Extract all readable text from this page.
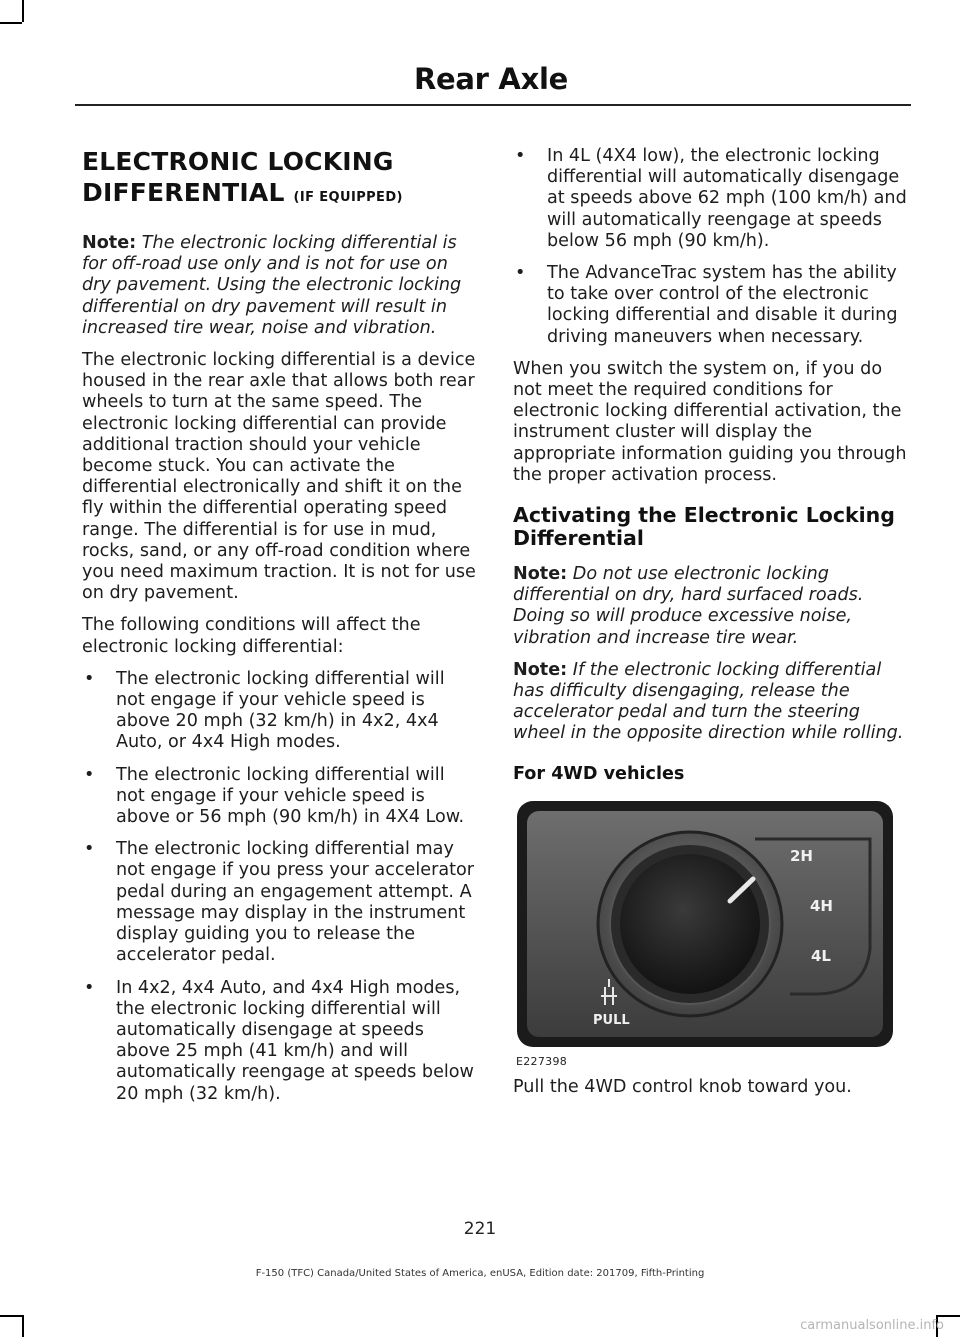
Rear Axle
ELECTRONIC LOCKING DIFFERENTIAL (IF EQUIPPED)

Note: The electronic locking differential is for off-road use only and is not for use on dry pavement. Using the electronic locking differential on dry pavement will result in increased tire wear, noise and vibration.

The electronic locking differential is a device housed in the rear axle that allows both rear wheels to turn at the same speed. The electronic locking differential can provide additional traction should your vehicle become stuck. You can activate the differential electronically and shift it on the fly within the differential operating speed range. The differential is for use in mud, rocks, sand, or any off-road condition where you need maximum traction. It is not for use on dry pavement.

The following conditions will affect the electronic locking differential:

• The electronic locking differential will not engage if your vehicle speed is above 20 mph (32 km/h) in 4x2, 4x4 Auto, or 4x4 High modes.
• The electronic locking differential will not engage if your vehicle speed is above or 56 mph (90 km/h) in 4X4 Low.
• The electronic locking differential may not engage if you press your accelerator pedal during an engagement attempt. A message may display in the instrument display guiding you to release the accelerator pedal.
• In 4x2, 4x4 Auto, and 4x4 High modes, the electronic locking differential will automatically disengage at speeds above 25 mph (41 km/h) and will automatically reengage at speeds below 20 mph (32 km/h).
• In 4L (4X4 low), the electronic locking differential will automatically disengage at speeds above 62 mph (100 km/h) and will automatically reengage at speeds below 56 mph (90 km/h).
• The AdvanceTrac system has the ability to take over control of the electronic locking differential and disable it during driving maneuvers when necessary.

When you switch the system on, if you do not meet the required conditions for electronic locking differential activation, the instrument cluster will display the appropriate information guiding you through the proper activation process.

Activating the Electronic Locking Differential

Note: Do not use electronic locking differential on dry, hard surfaced roads. Doing so will produce excessive noise, vibration and increase tire wear.

Note: If the electronic locking differential has difficulty disengaging, release the accelerator pedal and turn the steering wheel in the opposite direction while rolling.

For 4WD vehicles
2H
4H
4L
PULL
E227398

Pull the 4WD control knob toward you.

221
F-150 (TFC) Canada/United States of America, enUSA, Edition date: 201709, Fifth-Printing
carmanualsonline.info
